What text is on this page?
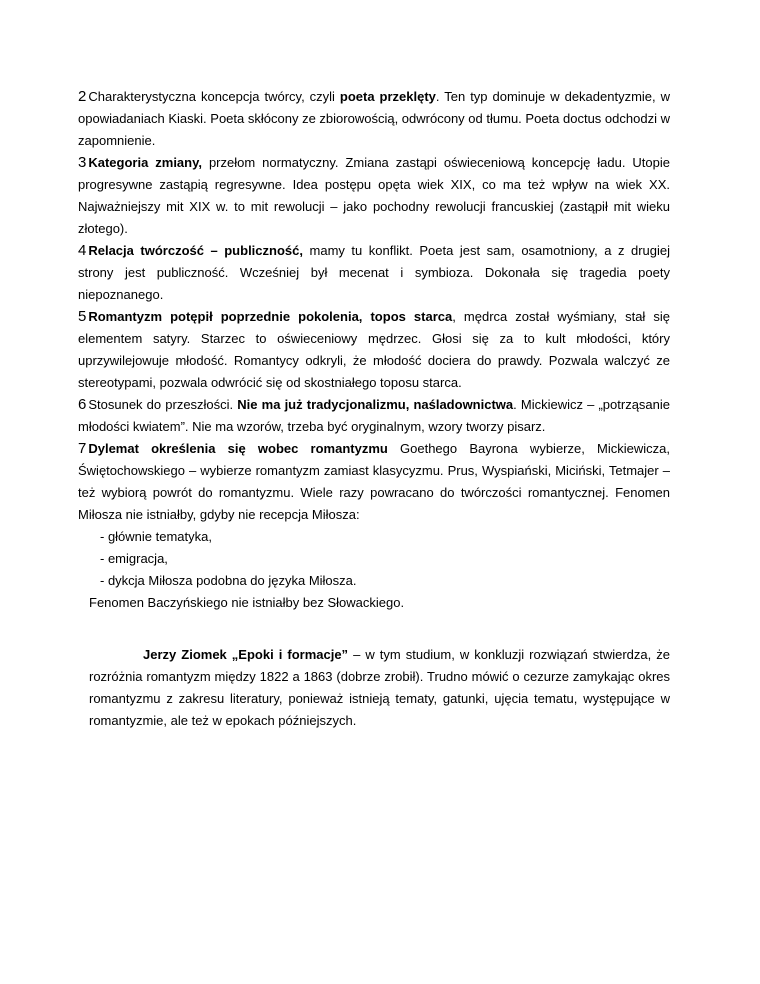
2 Charakterystyczna koncepcja twórcy, czyli poeta przeklęty. Ten typ dominuje w dekadentyzmie, w opowiadaniach Kiaski. Poeta skłócony ze zbiorowością, odwrócony od tłumu. Poeta doctus odchodzi w zapomnienie.

3 Kategoria zmiany, przełom normatyczny. Zmiana zastąpi oświeceniową koncepcję ładu. Utopie progresywne zastąpią regresywne. Idea postępu opęta wiek XIX, co ma też wpływ na wiek XX. Najważniejszy mit XIX w. to mit rewolucji – jako pochodny rewolucji francuskiej (zastąpił mit wieku złotego).

4 Relacja twórczość – publiczność, mamy tu konflikt. Poeta jest sam, osamotniony, a z drugiej strony jest publiczność. Wcześniej był mecenat i symbioza. Dokonała się tragedia poety niepoznanego.

5 Romantyzm potępił poprzednie pokolenia, topos starca, mędrca został wyśmiany, stał się elementem satyry. Starzec to oświeceniowy mędrzec. Głosi się za to kult młodości, który uprzywilejowuje młodość. Romantycy odkryli, że młodość dociera do prawdy. Pozwala walczyć ze stereotypami, pozwala odwrócić się od skostniałego toposu starca.

6 Stosunek do przeszłości. Nie ma już tradycjonalizmu, naśladownictwa. Mickiewicz – „potrząsanie młodości kwiatem”. Nie ma wzorów, trzeba być oryginalnym, wzory tworzy pisarz.

7 Dylemat określenia się wobec romantyzmu Goethego Bayrona wybierze, Mickiewicza, Świętochowskiego – wybierze romantyzm zamiast klasycyzmu. Prus, Wyspiański, Miciński, Tetmajer – też wybiorą powrót do romantyzmu. Wiele razy powracano do twórczości romantycznej. Fenomen Miłosza nie istniałby, gdyby nie recepcja Miłosza:

- głównie tematyka,
- emigracja,
- dykcja Miłosza podobna do języka Miłosza.

Fenomen Baczyńskiego nie istniałby bez Słowackiego.

Jerzy Ziomek „Epoki i formacje” – w tym studium, w konkluzji rozwiązań stwierdza, że rozróżnia romantyzm między 1822 a 1863 (dobrze zrobił). Trudno mówić o cezurze zamykając okres romantyzmu z zakresu literatury, ponieważ istnieją tematy, gatunki, ujęcia tematu, występujące w romantyzmie, ale też w epokach późniejszych.
